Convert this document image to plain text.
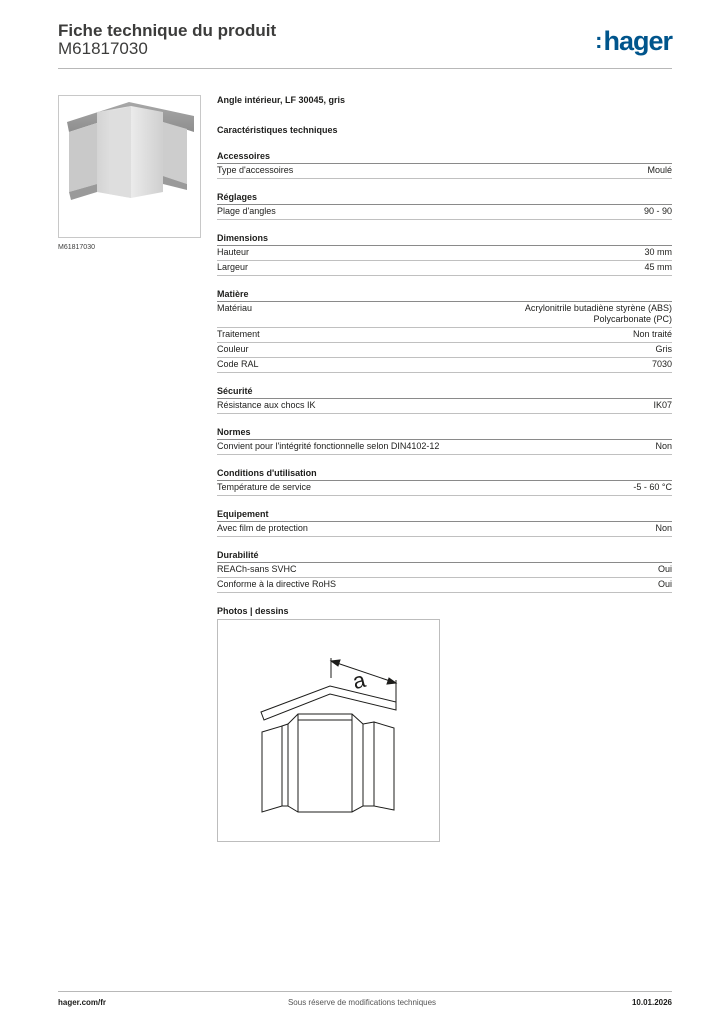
Fiche technique du produit
M61817030	:hager
M61817030
Angle intérieur, LF 30045, gris
Caractéristiques techniques
Accessoires
Type d'accessoires	Moulé
Réglages
Plage d'angles	90 - 90
Dimensions
Hauteur	30 mm
Largeur	45 mm
Matière
Matériau	Acrylonitrile butadiène styrène (ABS)
Polycarbonate (PC)
Traitement	Non traité
Couleur	Gris
Code RAL	7030
Sécurité
Résistance aux chocs IK	IK07
Normes
Convient pour l'intégrité fonctionnelle selon DIN4102-12	Non
Conditions d'utilisation
Température de service	-5 - 60 °C
Equipement
Avec film de protection	Non
Durabilité
REACh-sans SVHC	Oui
Conforme à la directive RoHS	Oui
Photos | dessins
a
hager.com/fr	Sous réserve de modifications techniques	10.01.2026
